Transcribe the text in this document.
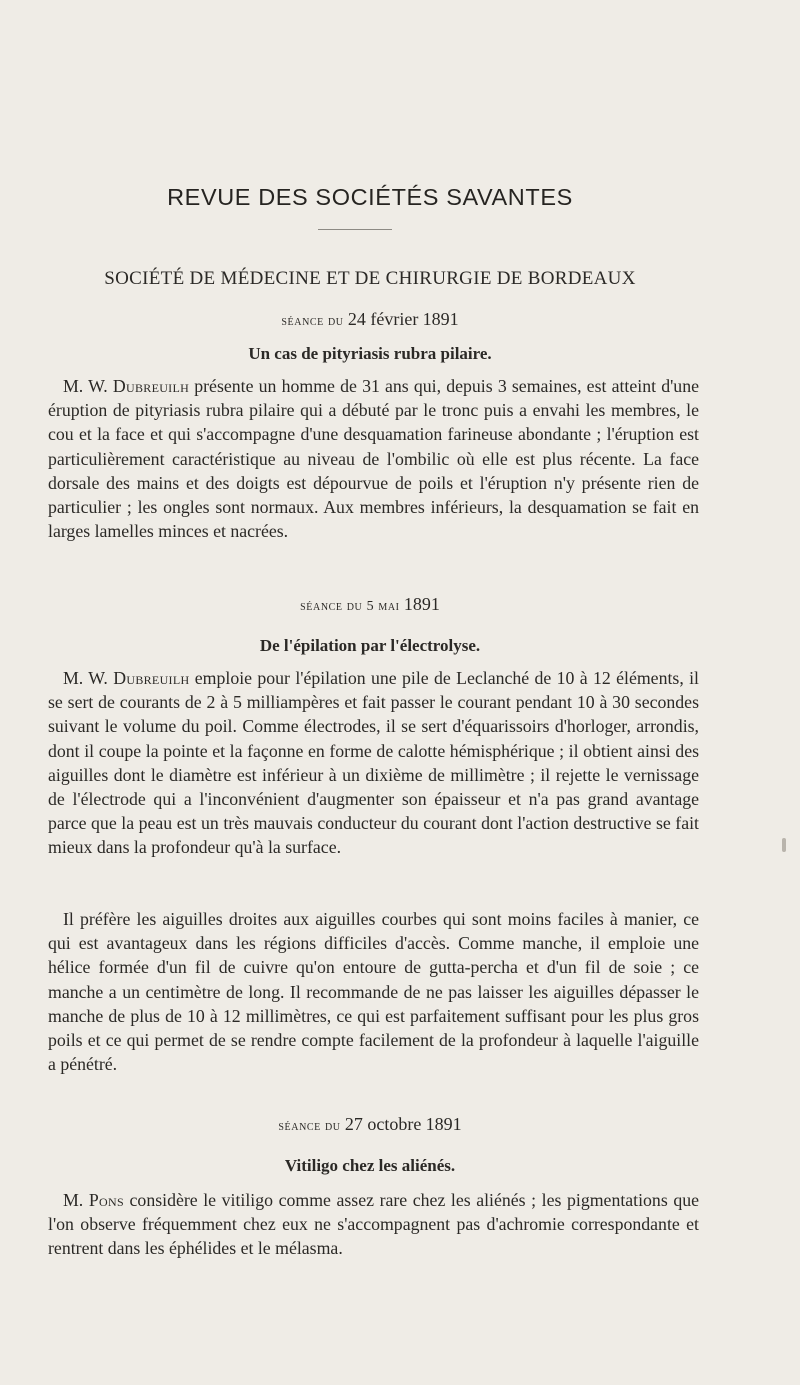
REVUE DES SOCIÉTÉS SAVANTES
SOCIÉTÉ DE MÉDECINE ET DE CHIRURGIE DE BORDEAUX
séance du 24 février 1891
Un cas de pityriasis rubra pilaire.

M. W. Dubreuilh présente un homme de 31 ans qui, depuis 3 semaines, est atteint d'une éruption de pityriasis rubra pilaire qui a débuté par le tronc puis a envahi les membres, le cou et la face et qui s'accompagne d'une desquamation farineuse abondante ; l'éruption est particulièrement caractéristique au niveau de l'ombilic où elle est plus récente. La face dorsale des mains et des doigts est dépourvue de poils et l'éruption n'y présente rien de particulier ; les ongles sont normaux. Aux membres inférieurs, la desquamation se fait en larges lamelles minces et nacrées.

séance du 5 mai 1891
De l'épilation par l'électrolyse.

M. W. Dubreuilh emploie pour l'épilation une pile de Leclanché de 10 à 12 éléments, il se sert de courants de 2 à 5 milliampères et fait passer le courant pendant 10 à 30 secondes suivant le volume du poil. Comme électrodes, il se sert d'équarissoirs d'horloger, arrondis, dont il coupe la pointe et la façonne en forme de calotte hémisphérique ; il obtient ainsi des aiguilles dont le diamètre est inférieur à un dixième de millimètre ; il rejette le vernissage de l'électrode qui a l'inconvénient d'augmenter son épaisseur et n'a pas grand avantage parce que la peau est un très mauvais conducteur du courant dont l'action destructive se fait mieux dans la profondeur qu'à la surface.

Il préfère les aiguilles droites aux aiguilles courbes qui sont moins faciles à manier, ce qui est avantageux dans les régions difficiles d'accès. Comme manche, il emploie une hélice formée d'un fil de cuivre qu'on entoure de gutta-percha et d'un fil de soie ; ce manche a un centimètre de long. Il recommande de ne pas laisser les aiguilles dépasser le manche de plus de 10 à 12 millimètres, ce qui est parfaitement suffisant pour les plus gros poils et ce qui permet de se rendre compte facilement de la profondeur à laquelle l'aiguille a pénétré.

séance du 27 octobre 1891
Vitiligo chez les aliénés.

M. Pons considère le vitiligo comme assez rare chez les aliénés ; les pigmentations que l'on observe fréquemment chez eux ne s'accompagnent pas d'achromie correspondante et rentrent dans les éphélides et le mélasma.
